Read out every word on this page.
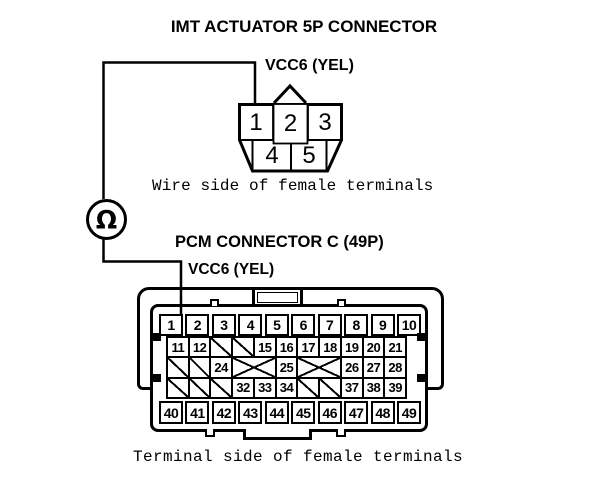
IMT ACTUATOR 5P CONNECTOR
VCC6 (YEL)
Wire side of female terminals
PCM CONNECTOR C (49P)
VCC6 (YEL)
Terminal side of female terminals
1 2 3
4 5
1	2	3	4	5	6	7	8	9	10
11 12	15 16 17 18 19 20 21
24	25	26 27 28
32 33 34	37 38 39
40 41 42 43 44 45 46 47 48 49
Ω
